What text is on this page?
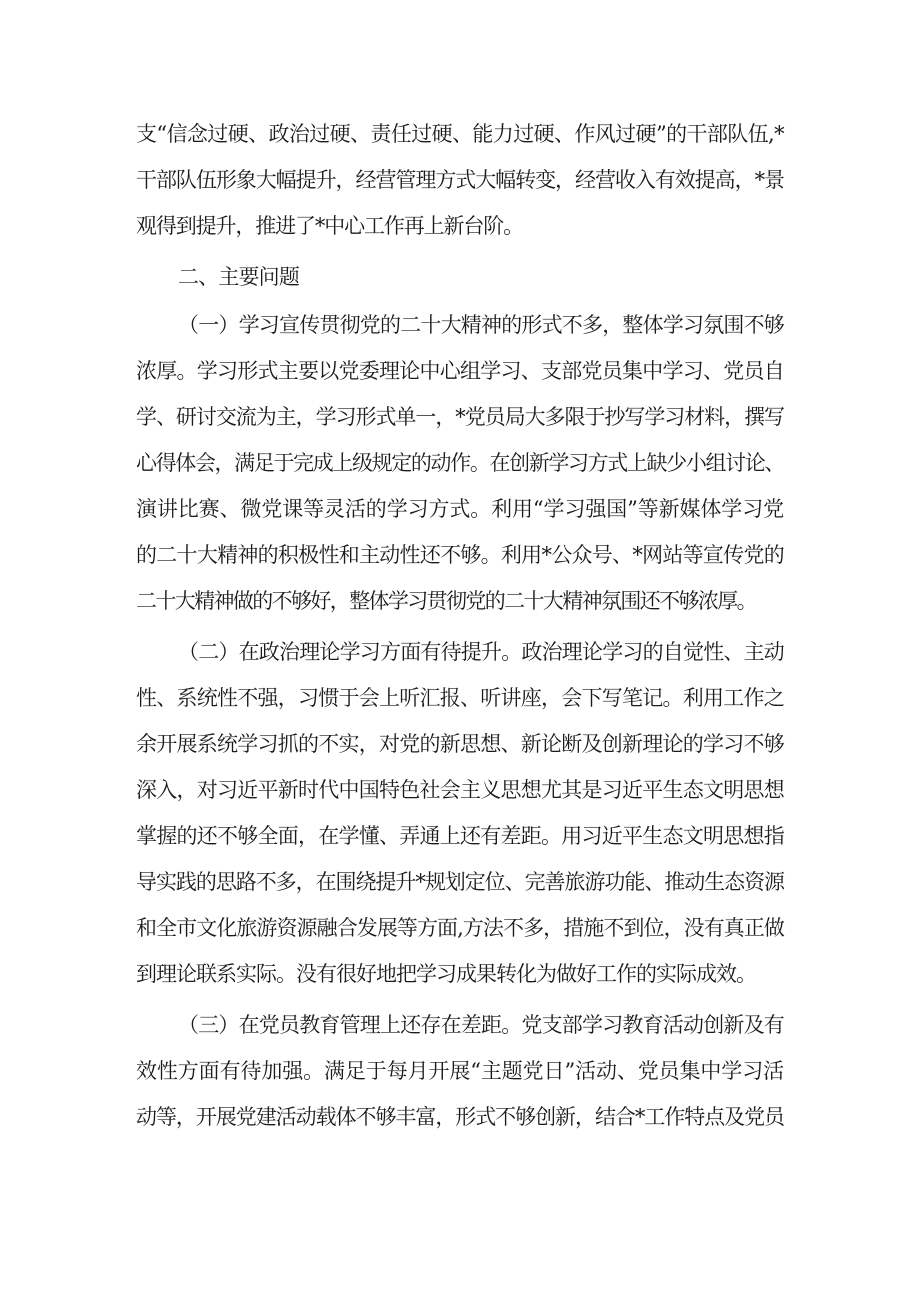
支“信念过硬、政治过硬、责任过硬、能力过硬、作风过硬”的干部队伍,*
干部队伍形象大幅提升，经营管理方式大幅转变，经营收入有效提高，*景
观得到提升，推进了*中心工作再上新台阶。
二、主要问题
（一）学习宣传贯彻党的二十大精神的形式不多，整体学习氛围不够
浓厚。学习形式主要以党委理论中心组学习、支部党员集中学习、党员自
学、研讨交流为主，学习形式单一，*党员局大多限于抄写学习材料，撰写
心得体会，满足于完成上级规定的动作。在创新学习方式上缺少小组讨论、
演讲比赛、微党课等灵活的学习方式。利用“学习强国”等新媒体学习党
的二十大精神的积极性和主动性还不够。利用*公众号、*网站等宣传党的
二十大精神做的不够好，整体学习贯彻党的二十大精神氛围还不够浓厚。
（二）在政治理论学习方面有待提升。政治理论学习的自觉性、主动
性、系统性不强，习惯于会上听汇报、听讲座，会下写笔记。利用工作之
余开展系统学习抓的不实，对党的新思想、新论断及创新理论的学习不够
深入，对习近平新时代中国特色社会主义思想尤其是习近平生态文明思想
掌握的还不够全面，在学懂、弄通上还有差距。用习近平生态文明思想指
导实践的思路不多，在围绕提升*规划定位、完善旅游功能、推动生态资源
和全市文化旅游资源融合发展等方面,方法不多，措施不到位，没有真正做
到理论联系实际。没有很好地把学习成果转化为做好工作的实际成效。
（三）在党员教育管理上还存在差距。党支部学习教育活动创新及有
效性方面有待加强。满足于每月开展“主题党日”活动、党员集中学习活
动等，开展党建活动载体不够丰富，形式不够创新，结合*工作特点及党员
